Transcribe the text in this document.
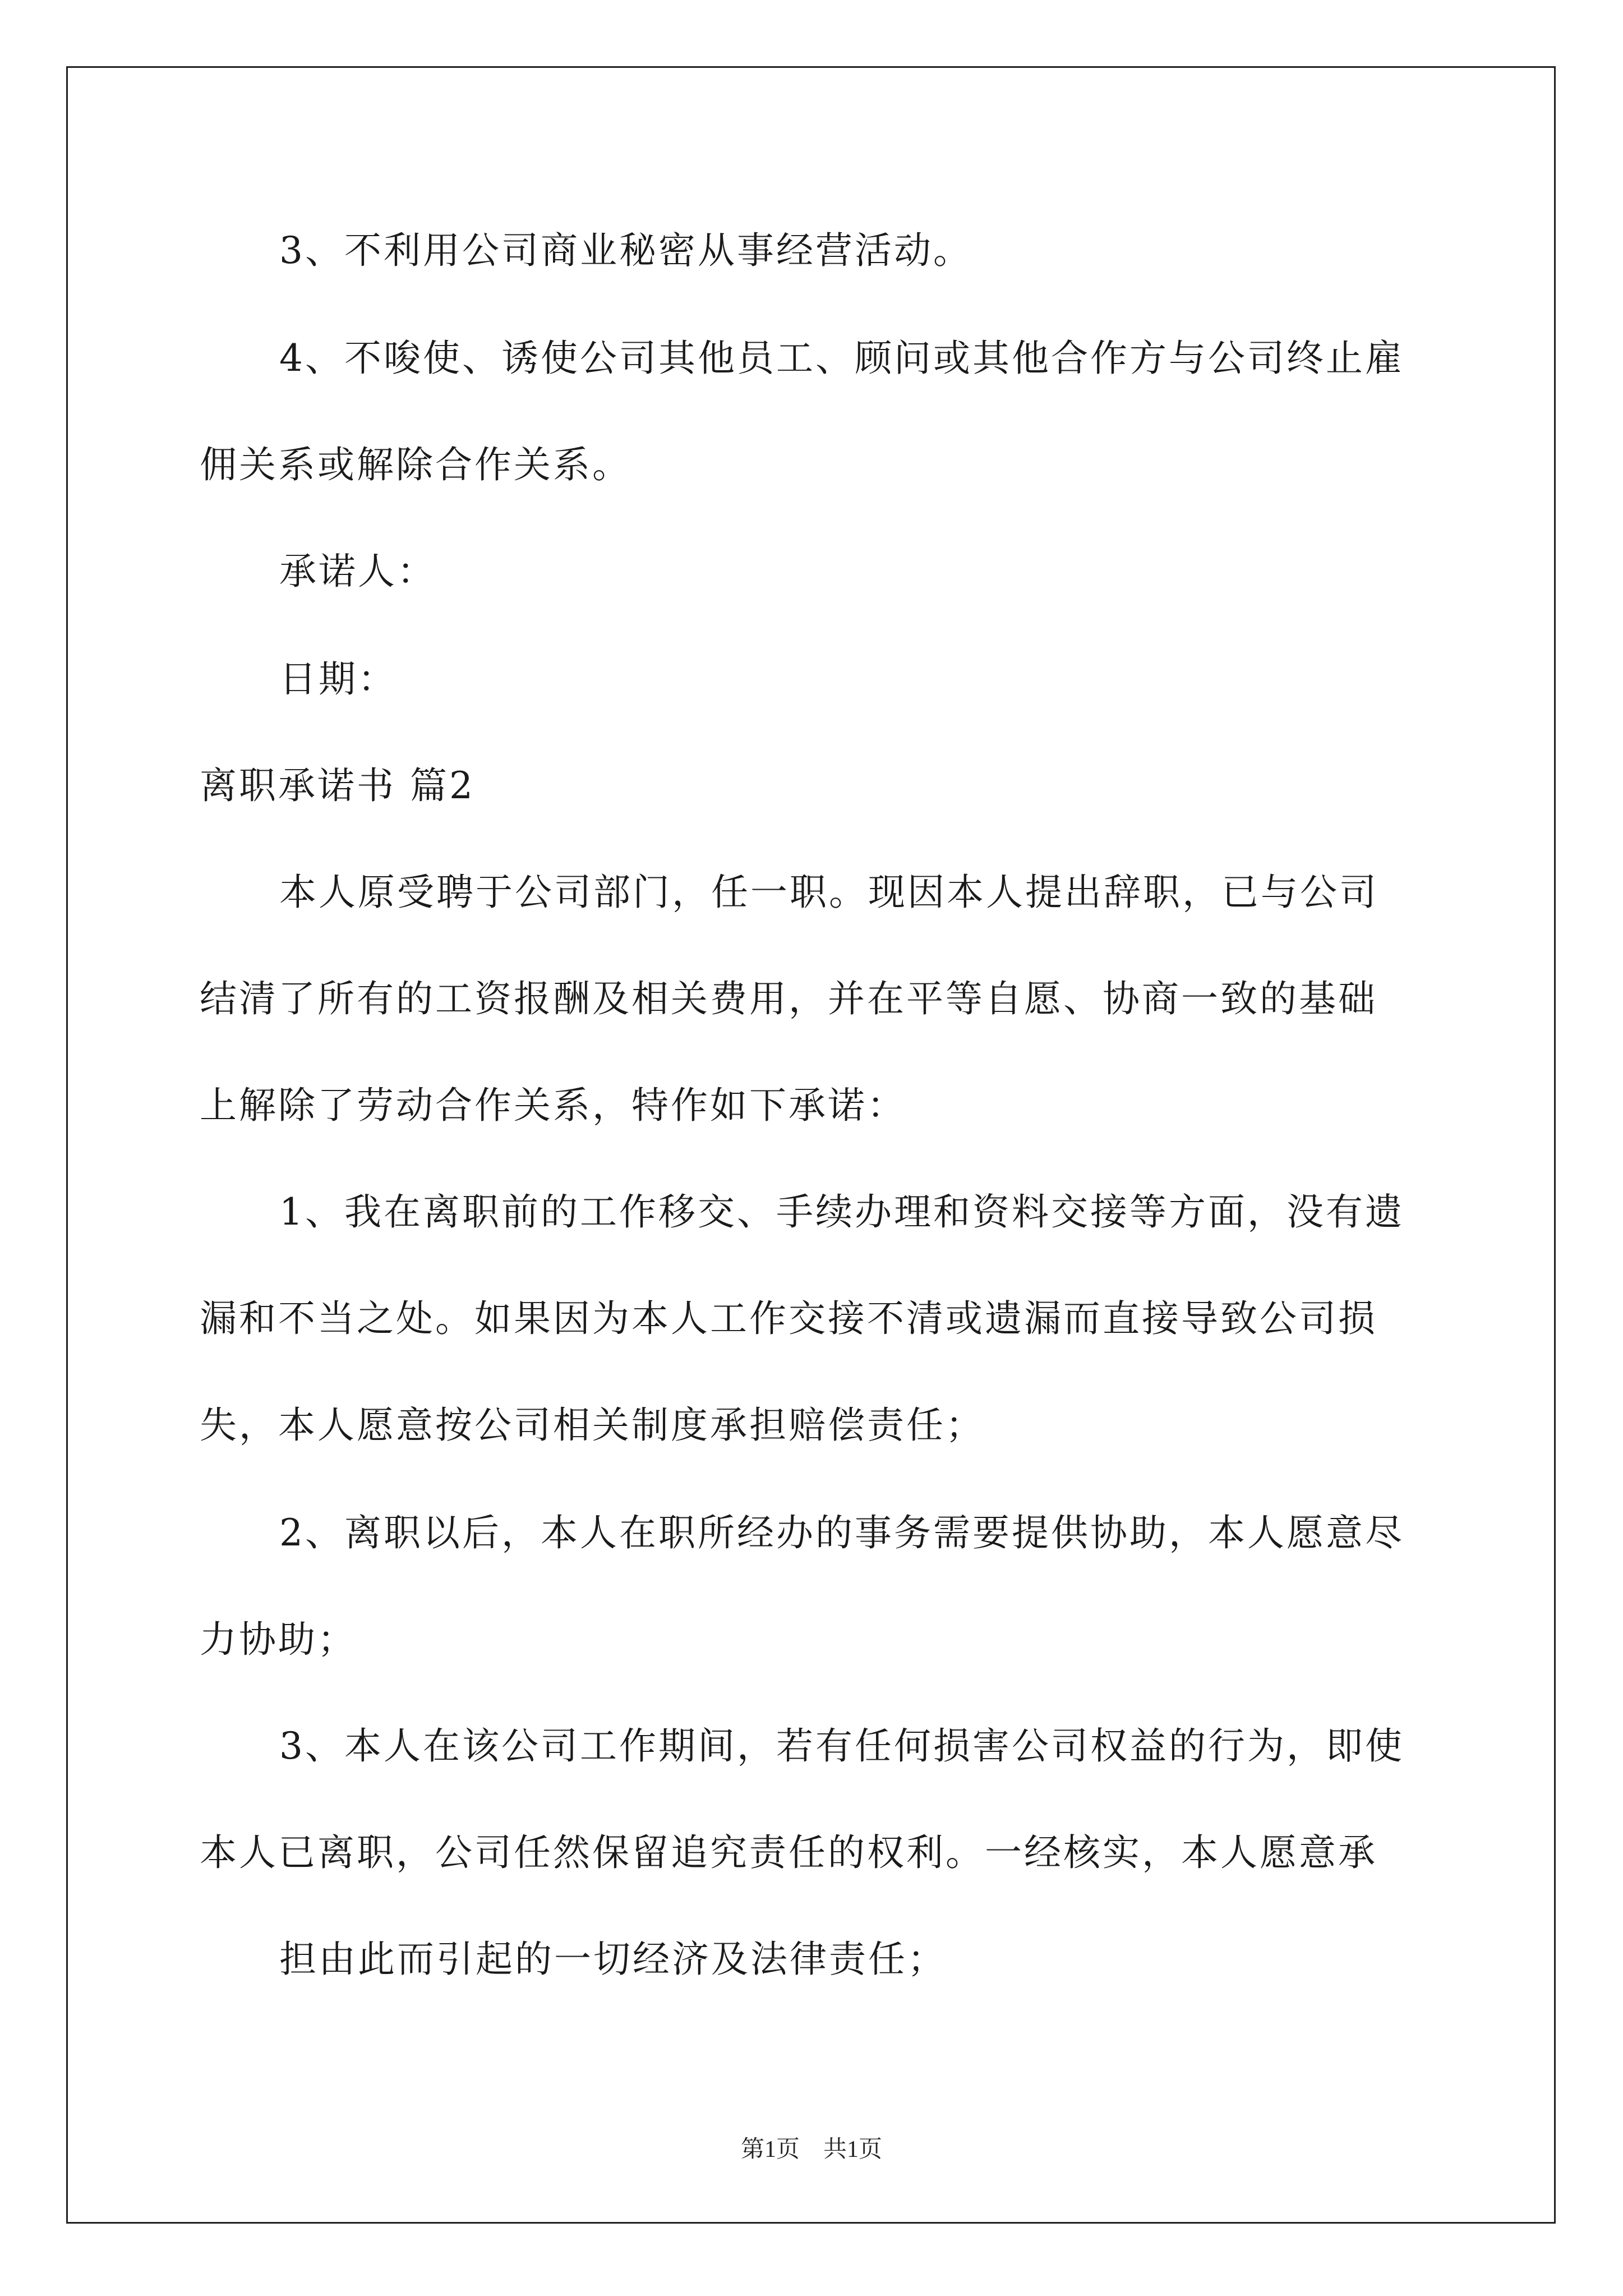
3、不利用公司商业秘密从事经营活动。
4、不唆使、诱使公司其他员工、顾问或其他合作方与公司终止雇
佣关系或解除合作关系。
承诺人：
日期：
离职承诺书 篇2
本人原受聘于公司部门，任一职。现因本人提出辞职，已与公司
结清了所有的工资报酬及相关费用，并在平等自愿、协商一致的基础
上解除了劳动合作关系，特作如下承诺：
1、我在离职前的工作移交、手续办理和资料交接等方面，没有遗
漏和不当之处。如果因为本人工作交接不清或遗漏而直接导致公司损
失，本人愿意按公司相关制度承担赔偿责任；
2、离职以后，本人在职所经办的事务需要提供协助，本人愿意尽
力协助；
3、本人在该公司工作期间，若有任何损害公司权益的行为，即使
本人已离职，公司任然保留追究责任的权利。一经核实，本人愿意承
担由此而引起的一切经济及法律责任；
第1页　共1页
